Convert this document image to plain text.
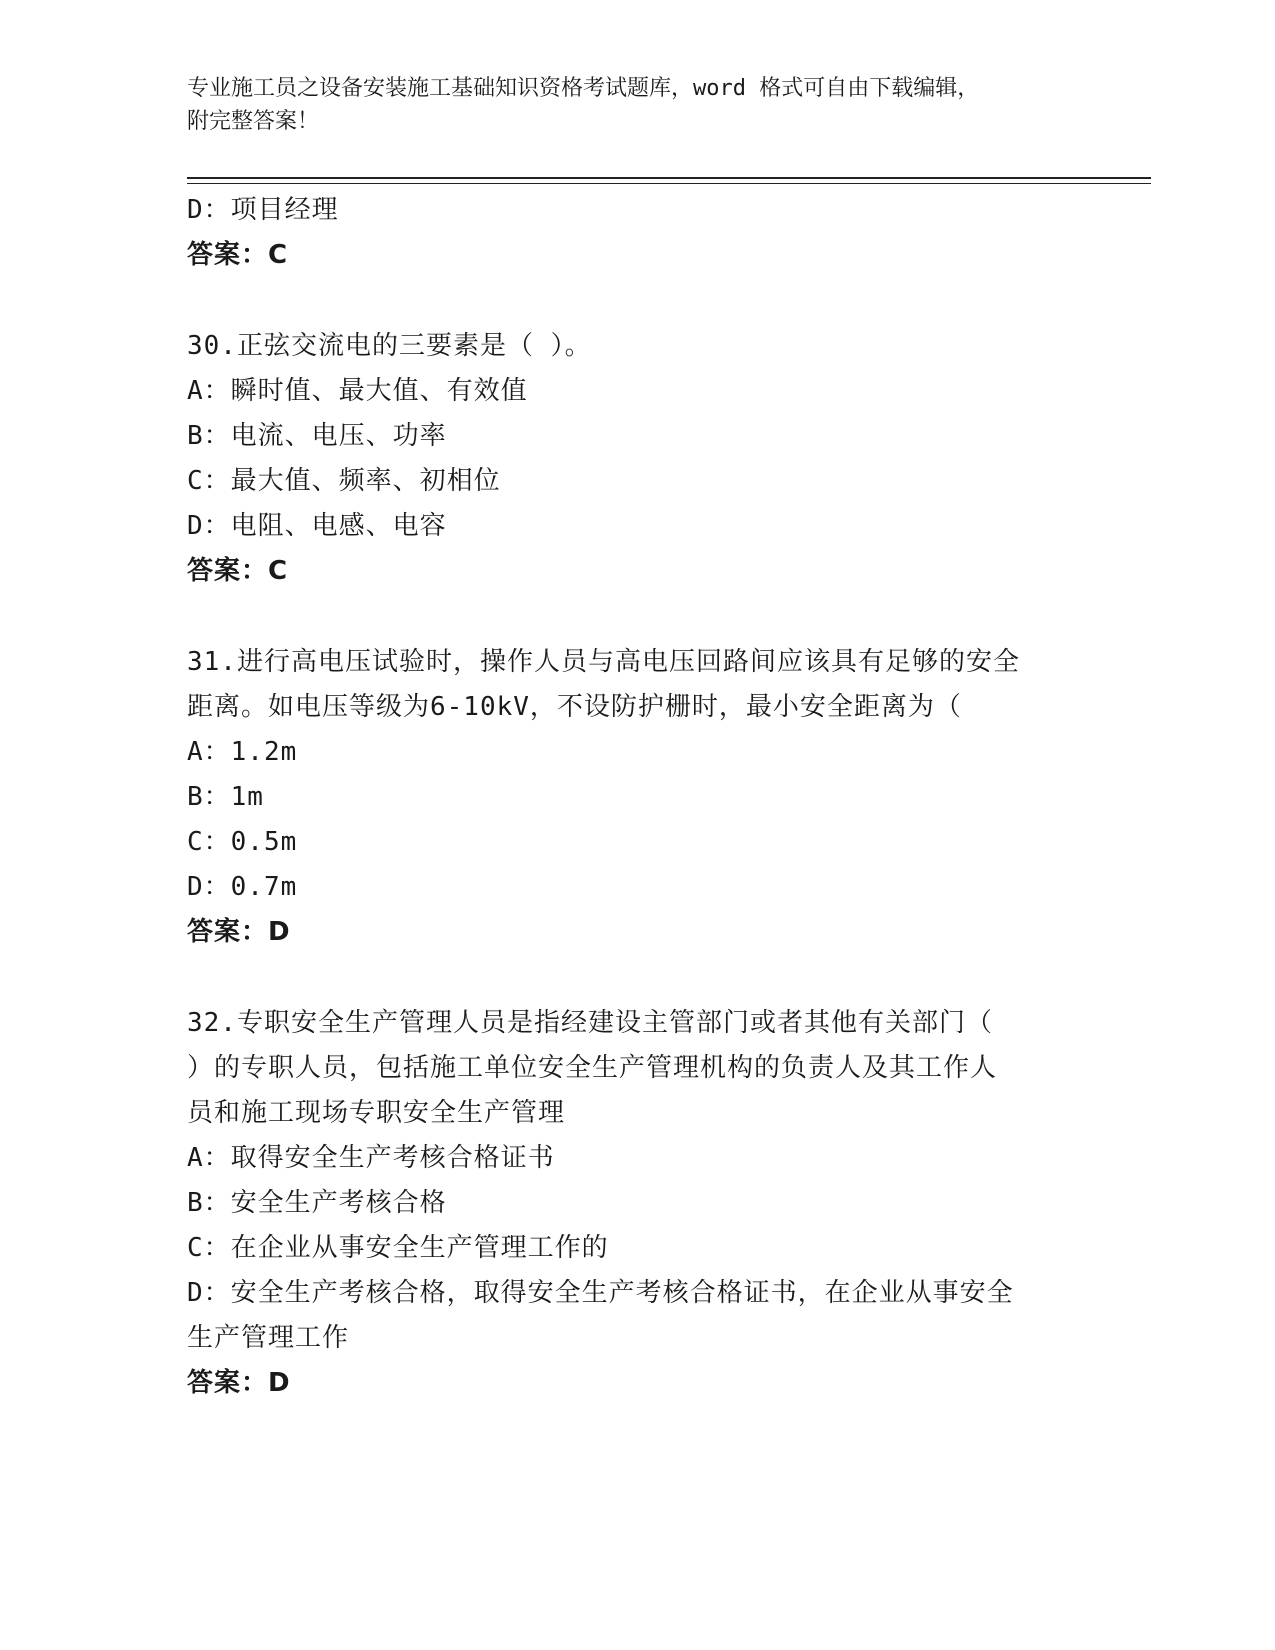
专业施工员之设备安装施工基础知识资格考试题库，word 格式可自由下载编辑，
附完整答案！
D：项目经理
答案：C
30.正弦交流电的三要素是（ ）。
A：瞬时值、最大值、有效值
B：电流、电压、功率
C：最大值、频率、初相位
D：电阻、电感、电容
答案：C
31.进行高电压试验时，操作人员与高电压回路间应该具有足够的安全
距离。如电压等级为6-10kV，不设防护栅时，最小安全距离为（
A：1.2m
B：1m
C：0.5m
D：0.7m
答案：D
32.专职安全生产管理人员是指经建设主管部门或者其他有关部门（
）的专职人员，包括施工单位安全生产管理机构的负责人及其工作人
员和施工现场专职安全生产管理
A：取得安全生产考核合格证书
B：安全生产考核合格
C：在企业从事安全生产管理工作的
D：安全生产考核合格，取得安全生产考核合格证书，在企业从事安全
生产管理工作
答案：D
